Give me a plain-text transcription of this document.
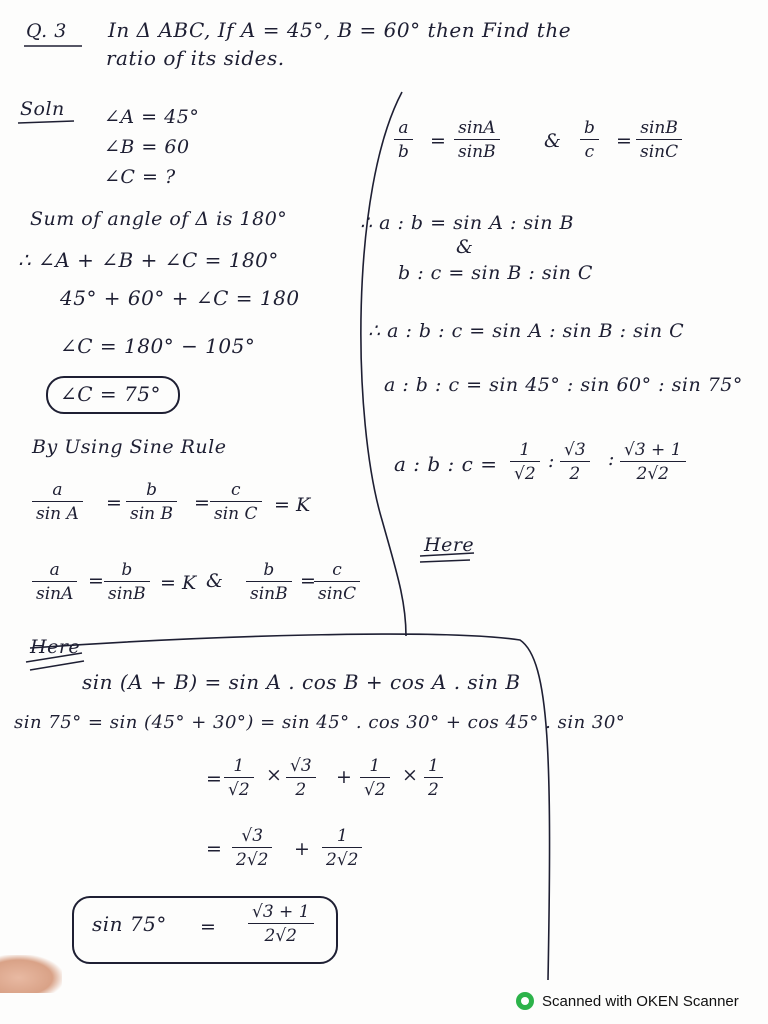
Q. 3 In Δ ABC, If A = 45°, B = 60° then Find the
ratio of its sides.
Soln ∠A = 45°
∠B = 60
∠C = ?
Sum of angle of Δ is 180°
∴ ∠A + ∠B + ∠C = 180°
45° + 60° + ∠C = 180
∠C = 180° − 105°
∠C = 75°
By Using Sine Rule
a
sin A =
b
sin B =
c
sin C = K
a
sinA
= b
sinB = K & b
sinB
= c
sinC
a
b =
sinA
sinB	&
b
c =
sinB
sinC
∴ a : b = sin A : sin B
&
b : c = sin B : sin C
∴ a : b : c = sin A : sin B : sin C
a : b : c = sin 45° : sin 60° : sin 75°
a : b : c =
1
√2
: √3
2
: √3 + 1
2√2
Here
Here
sin (A + B) = sin A . cos B + cos A . sin B
sin 75° = sin (45° + 30°) = sin 45° . cos 30° + cos 45° . sin 30°
=
1
√2
× √3
2
+ 1
√2
× 1
2
=
√3
2√2 +
1
2√2
sin 75° =
√3 + 1
2√2
Scanned with OKEN Scanner
